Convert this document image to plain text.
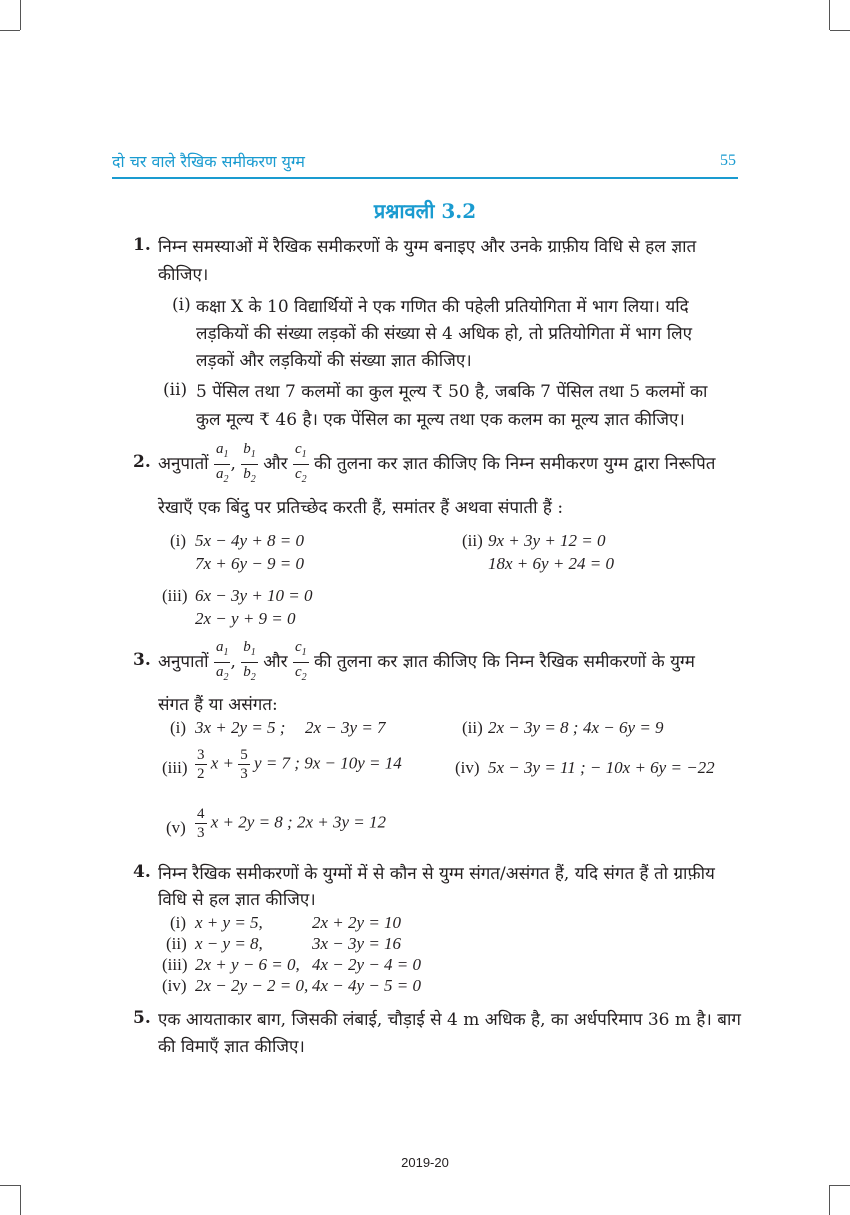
दो चर वाले रैखिक समीकरण युग्म	55
प्रश्नावली 3.2
1. निम्न समस्याओं में रैखिक समीकरणों के युग्म बनाइए और उनके ग्राफ़ीय विधि से हल ज्ञात
कीजिए।
(i) कक्षा X के 10 विद्यार्थियों ने एक गणित की पहेली प्रतियोगिता में भाग लिया। यदि
लड़कियों की संख्या लड़कों की संख्या से 4 अधिक हो, तो प्रतियोगिता में भाग लिए
लड़कों और लड़कियों की संख्या ज्ञात कीजिए।
(ii) 5 पेंसिल तथा 7 कलमों का कुल मूल्य ₹ 50 है, जबकि 7 पेंसिल तथा 5 कलमों का
कुल मूल्य ₹ 46 है। एक पेंसिल का मूल्य तथा एक कलम का मूल्य ज्ञात कीजिए।
2. अनुपातों $\frac{a_1}{a_2}$ , $\frac{b_1}{b_2}$ और $\frac{c_1}{c_2}$ की तुलना कर ज्ञात कीजिए कि निम्न समीकरण युग्म द्वारा निरूपित
रेखाएँ एक बिंदु पर प्रतिच्छेद करती हैं, समांतर हैं अथवा संपाती हैं :
(i) 5x − 4y + 8 = 0
7x + 6y − 9 = 0
(ii) 9x + 3y + 12 = 0
18x + 6y + 24 = 0
(iii) 6x − 3y + 10 = 0
2x − y + 9 = 0
3. अनुपातों $\frac{a_1}{a_2}$ , $\frac{b_1}{b_2}$ और $\frac{c_1}{c_2}$ की तुलना कर ज्ञात कीजिए कि निम्न रैखिक समीकरणों के युग्म
संगत हैं या असंगत:
(i) 3x + 2y = 5 ; 2x − 3y = 7	(ii) 2x − 3y = 8 ; 4x − 6y = 9
$(iii) \frac{3}{2}$ $x + \frac{5}{3}$ y = 7 ; 9x − 10y = 14	(iv) 5x − 3y = 11 ; − 10x + 6y = −22
$(v) \frac{4}{3}$ x + 2y = 8 ; 2x + 3y = 12
4. निम्न रैखिक समीकरणों के युग्मों में से कौन से युग्म संगत/असंगत हैं, यदि संगत हैं तो ग्राफ़ीय
विधि से हल ज्ञात कीजिए।
(i) x + y = 5,	2x + 2y = 10
(ii) x − y = 8,	3x − 3y = 16
(iii) 2x + y − 6 = 0, 4x − 2y − 4 = 0
(iv) 2x − 2y − 2 = 0, 4x − 4y − 5 = 0
5. एक आयताकार बाग, जिसकी लंबाई, चौड़ाई से 4 m अधिक है, का अर्धपरिमाप 36 m है। बाग
की विमाएँ ज्ञात कीजिए।
2019-20
